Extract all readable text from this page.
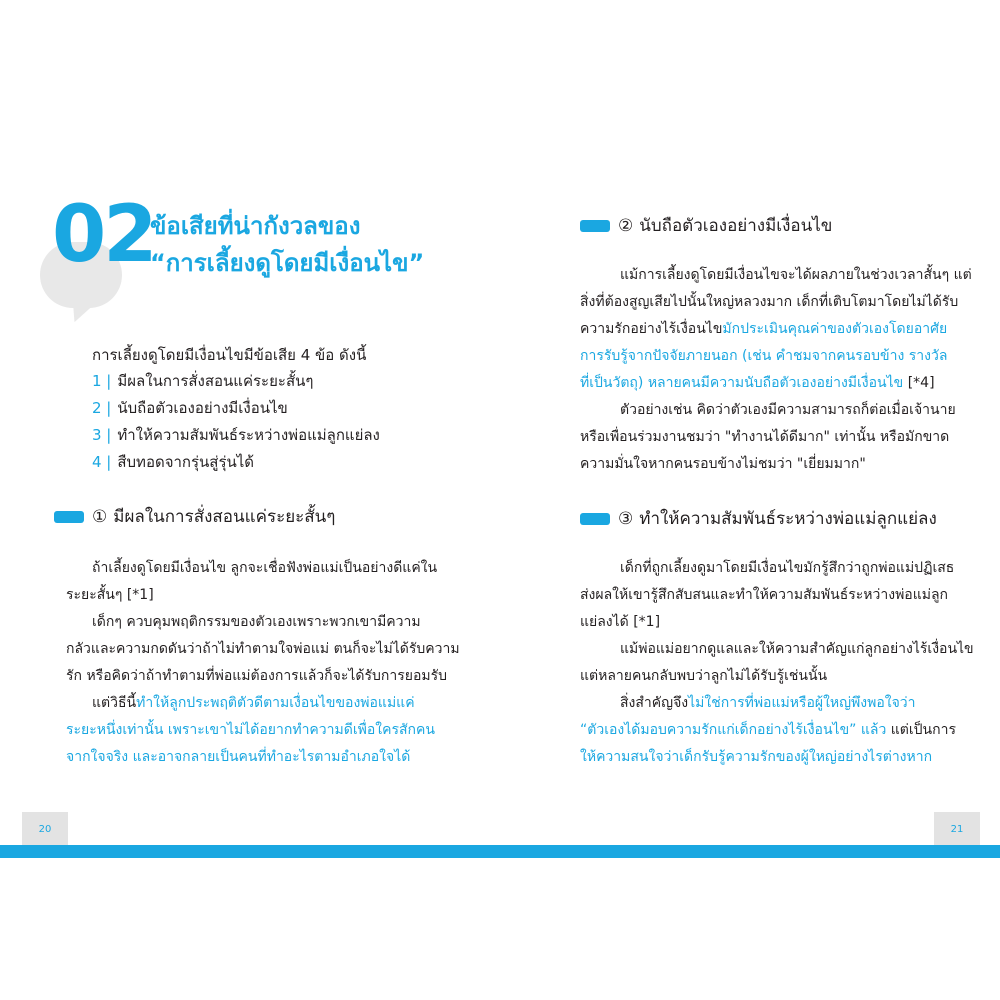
02
ข้อเสียที่น่ากังวลของ
“การเลี้ยงดูโดยมีเงื่อนไข”
การเลี้ยงดูโดยมีเงื่อนไขมีข้อเสีย 4 ข้อ ดังนี้
1 | มีผลในการสั่งสอนแค่ระยะสั้นๆ
2 | นับถือตัวเองอย่างมีเงื่อนไข
3 | ทำให้ความสัมพันธ์ระหว่างพ่อแม่ลูกแย่ลง
4 | สืบทอดจากรุ่นสู่รุ่นได้
① มีผลในการสั่งสอนแค่ระยะสั้นๆ
ถ้าเลี้ยงดูโดยมีเงื่อนไข ลูกจะเชื่อฟังพ่อแม่เป็นอย่างดีแค่ใน
ระยะสั้นๆ [*1]
เด็กๆ ควบคุมพฤติกรรมของตัวเองเพราะพวกเขามีความ
กลัวและความกดดันว่าถ้าไม่ทำตามใจพ่อแม่ ตนก็จะไม่ได้รับความ
รัก หรือคิดว่าถ้าทำตามที่พ่อแม่ต้องการแล้วก็จะได้รับการยอมรับ
แต่วิธีนี้ทำให้ลูกประพฤติตัวดีตามเงื่อนไขของพ่อแม่แค่
ระยะหนึ่งเท่านั้น เพราะเขาไม่ได้อยากทำความดีเพื่อใครสักคน
จากใจจริง และอาจกลายเป็นคนที่ทำอะไรตามอำเภอใจได้
20
② นับถือตัวเองอย่างมีเงื่อนไข
แม้การเลี้ยงดูโดยมีเงื่อนไขจะได้ผลภายในช่วงเวลาสั้นๆ แต่
สิ่งที่ต้องสูญเสียไปนั้นใหญ่หลวงมาก เด็กที่เติบโตมาโดยไม่ได้รับ
ความรักอย่างไร้เงื่อนไขมักประเมินคุณค่าของตัวเองโดยอาศัย
การรับรู้จากปัจจัยภายนอก (เช่น คำชมจากคนรอบข้าง รางวัล
ที่เป็นวัตถุ) หลายคนมีความนับถือตัวเองอย่างมีเงื่อนไข [*4]
ตัวอย่างเช่น คิดว่าตัวเองมีความสามารถก็ต่อเมื่อเจ้านาย
หรือเพื่อนร่วมงานชมว่า "ทำงานได้ดีมาก" เท่านั้น หรือมักขาด
ความมั่นใจหากคนรอบข้างไม่ชมว่า "เยี่ยมมาก"
③ ทำให้ความสัมพันธ์ระหว่างพ่อแม่ลูกแย่ลง
เด็กที่ถูกเลี้ยงดูมาโดยมีเงื่อนไขมักรู้สึกว่าถูกพ่อแม่ปฏิเสธ
ส่งผลให้เขารู้สึกสับสนและทำให้ความสัมพันธ์ระหว่างพ่อแม่ลูก
แย่ลงได้ [*1]
แม้พ่อแม่อยากดูแลและให้ความสำคัญแก่ลูกอย่างไร้เงื่อนไข
แต่หลายคนกลับพบว่าลูกไม่ได้รับรู้เช่นนั้น
สิ่งสำคัญจึงไม่ใช่การที่พ่อแม่หรือผู้ใหญ่พึงพอใจว่า
“ตัวเองได้มอบความรักแก่เด็กอย่างไร้เงื่อนไข” แล้ว แต่เป็นการ
ให้ความสนใจว่าเด็กรับรู้ความรักของผู้ใหญ่อย่างไรต่างหาก
21
